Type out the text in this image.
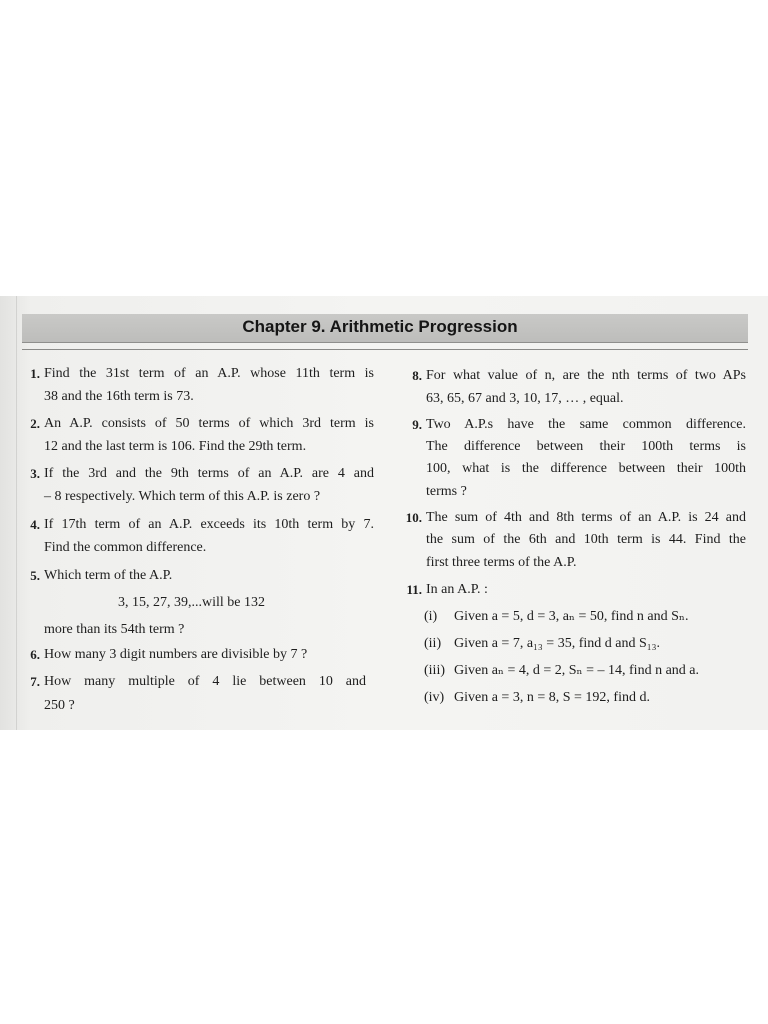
Chapter 9. Arithmetic Progression
1. Find the 31st term of an A.P. whose 11th term is
38 and the 16th term is 73.
2. An A.P. consists of 50 terms of which 3rd term is
12 and the last term is 106. Find the 29th term.
3. If the 3rd and the 9th terms of an A.P. are 4 and
– 8 respectively. Which term of this A.P. is zero ?
4. If 17th term of an A.P. exceeds its 10th term by 7.
Find the common difference.
5. Which term of the A.P.
3, 15, 27, 39,...will be 132
more than its 54th term ?
6. How many 3 digit numbers are divisible by 7 ?
7. How many multiple of 4 lie between 10 and
250 ?
8. For what value of n, are the nth terms of two APs
63, 65, 67 and 3, 10, 17, … , equal.
9. Two A.P.s have the same common difference.
The difference between their 100th terms is
100, what is the difference between their 100th
terms ?
10. The sum of 4th and 8th terms of an A.P. is 24 and
the sum of the 6th and 10th term is 44. Find the
first three terms of the A.P.
11. In an A.P. :
(i)	Given a = 5, d = 3, aₙ = 50, find n and Sₙ.
(ii) Given a = 7, a₁₃ = 35, find d and S₁₃.
(iii) Given aₙ = 4, d = 2, Sₙ = – 14, find n and a.
(iv) Given a = 3, n = 8, S = 192, find d.
